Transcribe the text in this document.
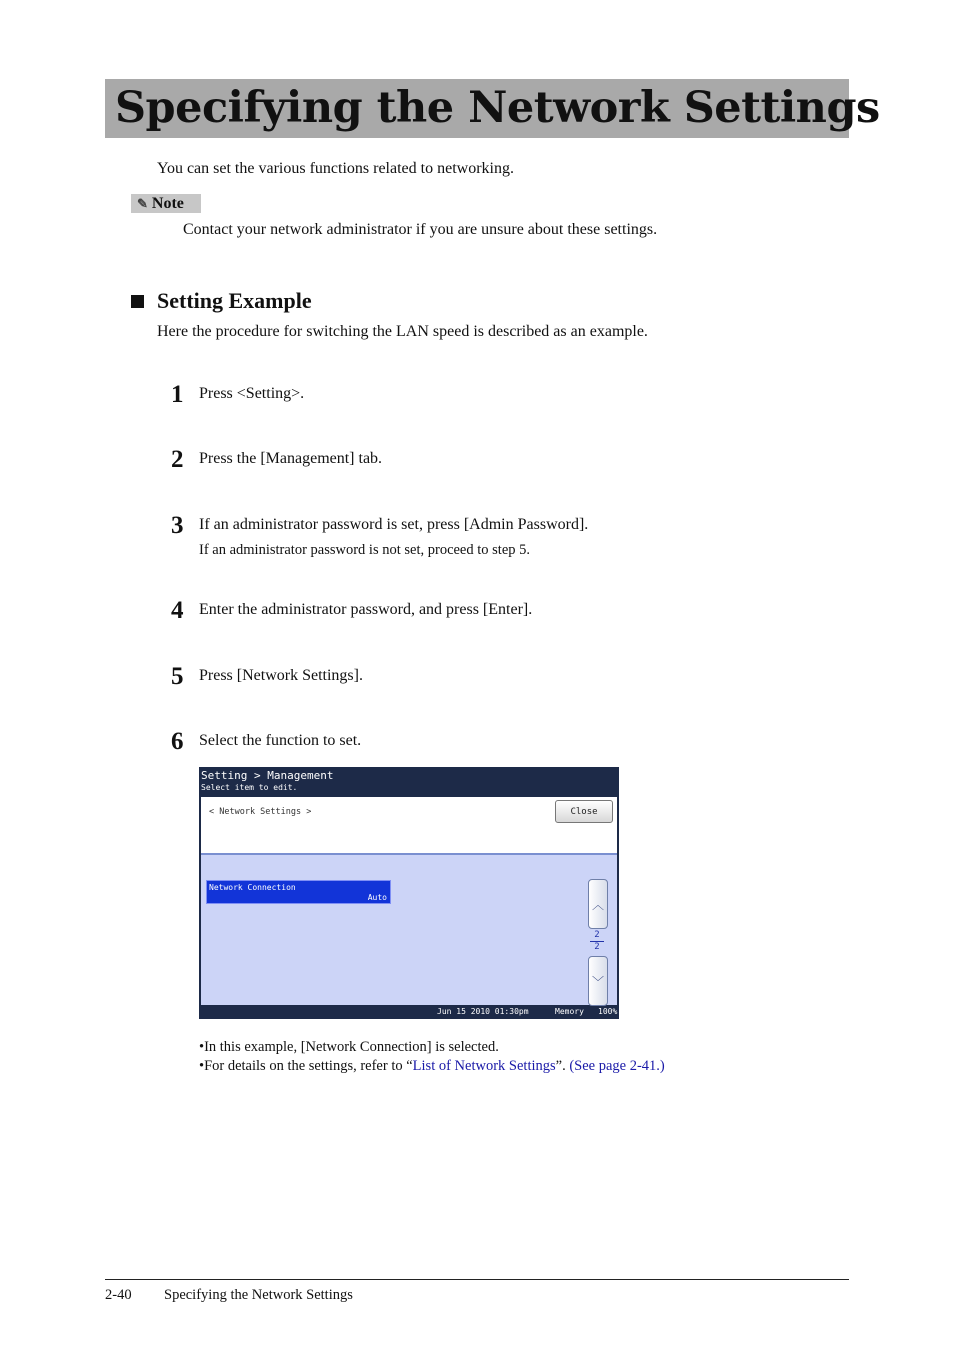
Specifying the Network Settings
You can set the various functions related to networking.
✎ Note
Contact your network administrator if you are unsure about these settings.
Setting Example
Here the procedure for switching the LAN speed is described as an example.
1 Press <Setting>.
2 Press the [Management] tab.
3 If an administrator password is set, press [Admin Password].
If an administrator password is not set, proceed to step 5.
4 Enter the administrator password, and press [Enter].
5 Press [Network Settings].
6 Select the function to set.
Setting > Management
Select item to edit.
< Network Settings >	Close
Network Connection
Auto	︿
2
2
﹀
Jun 15 2010 01:30pm	Memory 100%
•In this example, [Network Connection] is selected.
•For details on the settings, refer to “List of Network Settings”. (See page 2-41.)
2-40 Specifying the Network Settings
